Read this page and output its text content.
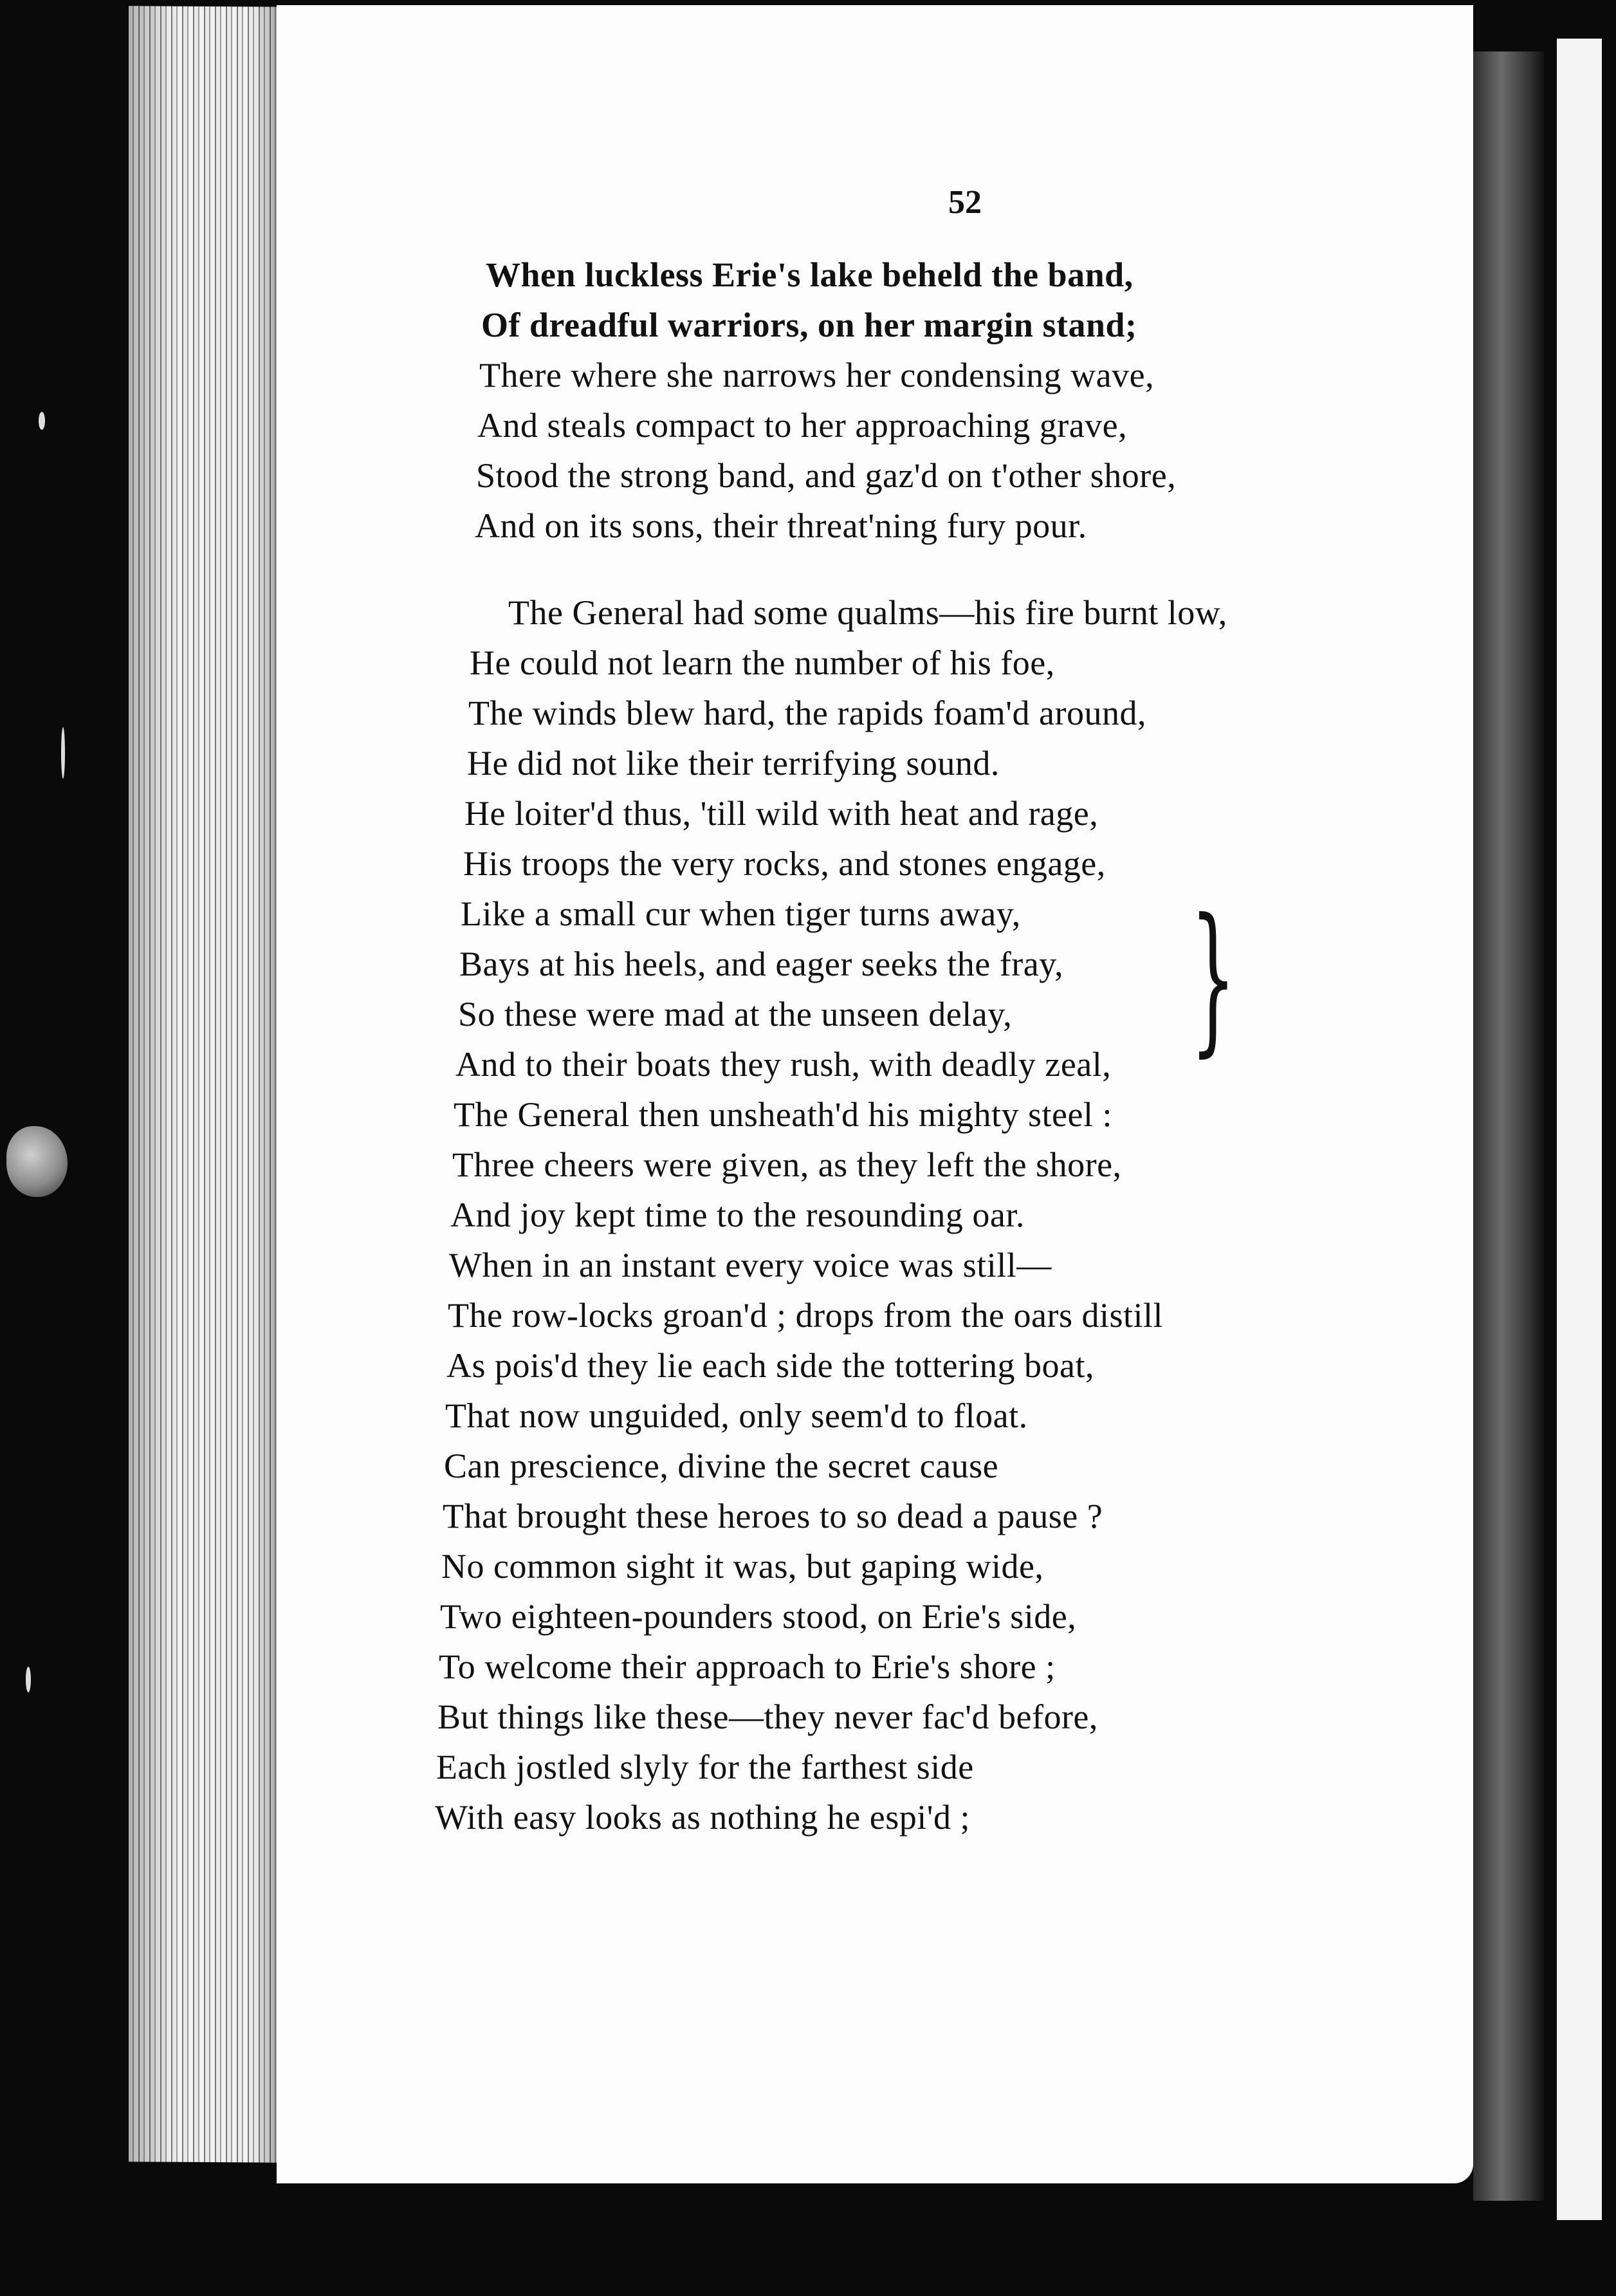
52
When luckless Erie's lake beheld the band,
Of dreadful warriors, on her margin stand;
There where she narrows her condensing wave,
And steals compact to her approaching grave,
Stood the strong band, and gaz'd on t'other shore,
And on its sons, their threat'ning fury pour.
The General had some qualms—his fire burnt low,
He could not learn the number of his foe,
The winds blew hard, the rapids foam'd around,
He did not like their terrifying sound.
He loiter'd thus, 'till wild with heat and rage,
His troops the very rocks, and stones engage,
Like a small cur when tiger turns away,
Bays at his heels, and eager seeks the fray,
So these were mad at the unseen delay,
And to their boats they rush, with deadly zeal,
The General then unsheath'd his mighty steel :
Three cheers were given, as they left the shore,
And joy kept time to the resounding oar.
When in an instant every voice was still—
The row-locks groan'd ; drops from the oars distill
As pois'd they lie each side the tottering boat,
That now unguided, only seem'd to float.
Can prescience, divine the secret cause
That brought these heroes to so dead a pause ?
No common sight it was, but gaping wide,
Two eighteen-pounders stood, on Erie's side,
To welcome their approach to Erie's shore ;
But things like these—they never fac'd before,
Each jostled slyly for the farthest side
With easy looks as nothing he espi'd ;
}
